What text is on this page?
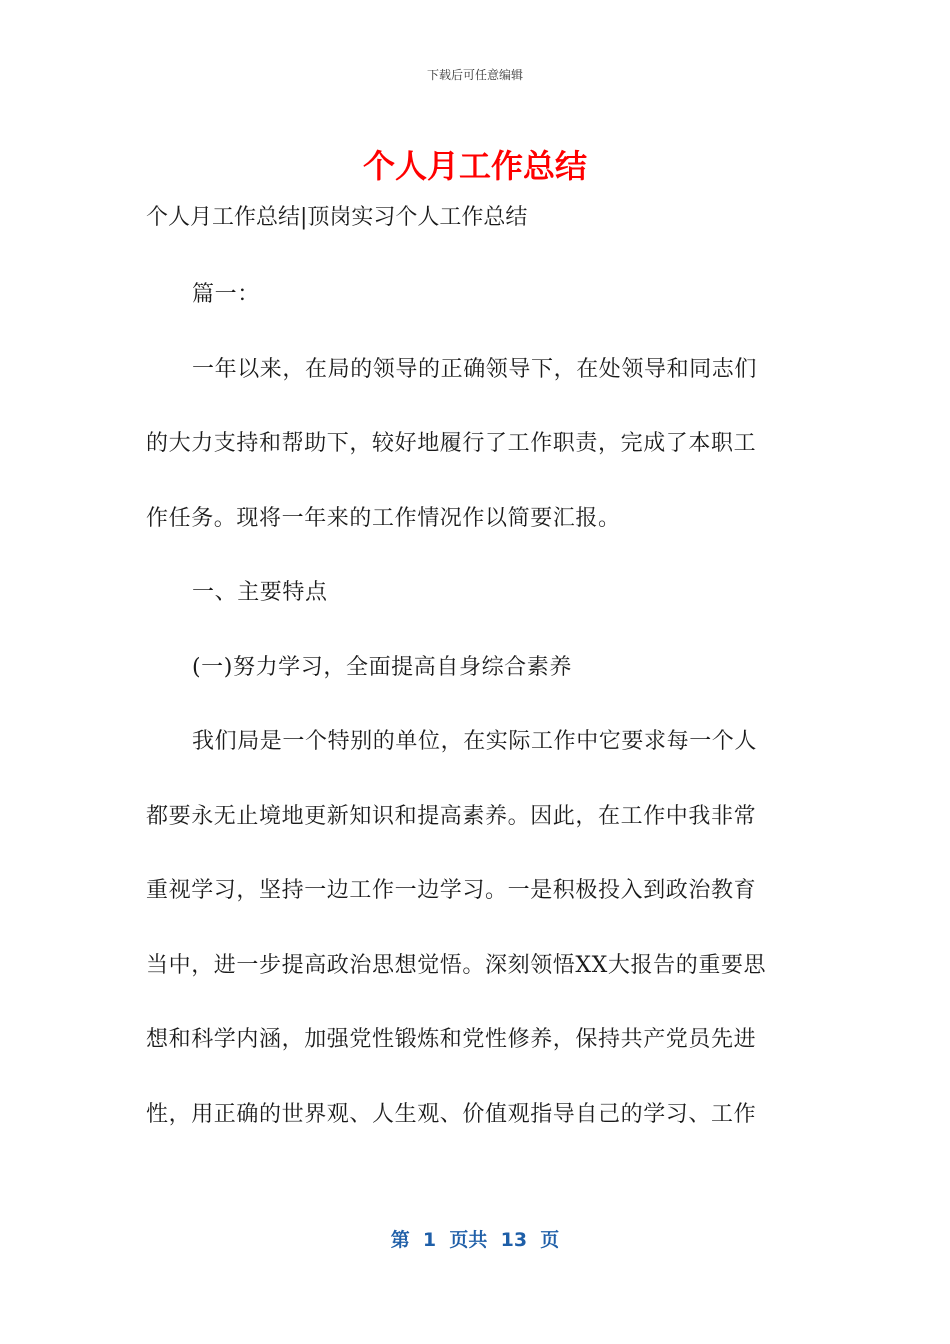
下载后可任意编辑
个人月工作总结
个人月工作总结|顶岗实习个人工作总结
篇一：
一年以来，在局的领导的正确领导下，在处领导和同志们
的大力支持和帮助下，较好地履行了工作职责，完成了本职工
作任务。现将一年来的工作情况作以简要汇报。
一、主要特点
(一)努力学习，全面提高自身综合素养
我们局是一个特别的单位，在实际工作中它要求每一个人
都要永无止境地更新知识和提高素养。因此，在工作中我非常
重视学习，坚持一边工作一边学习。一是积极投入到政治教育
当中，进一步提高政治思想觉悟。深刻领悟XX大报告的重要思
想和科学内涵，加强党性锻炼和党性修养，保持共产党员先进
性，用正确的世界观、人生观、价值观指导自己的学习、工作
第  1  页共  13  页
